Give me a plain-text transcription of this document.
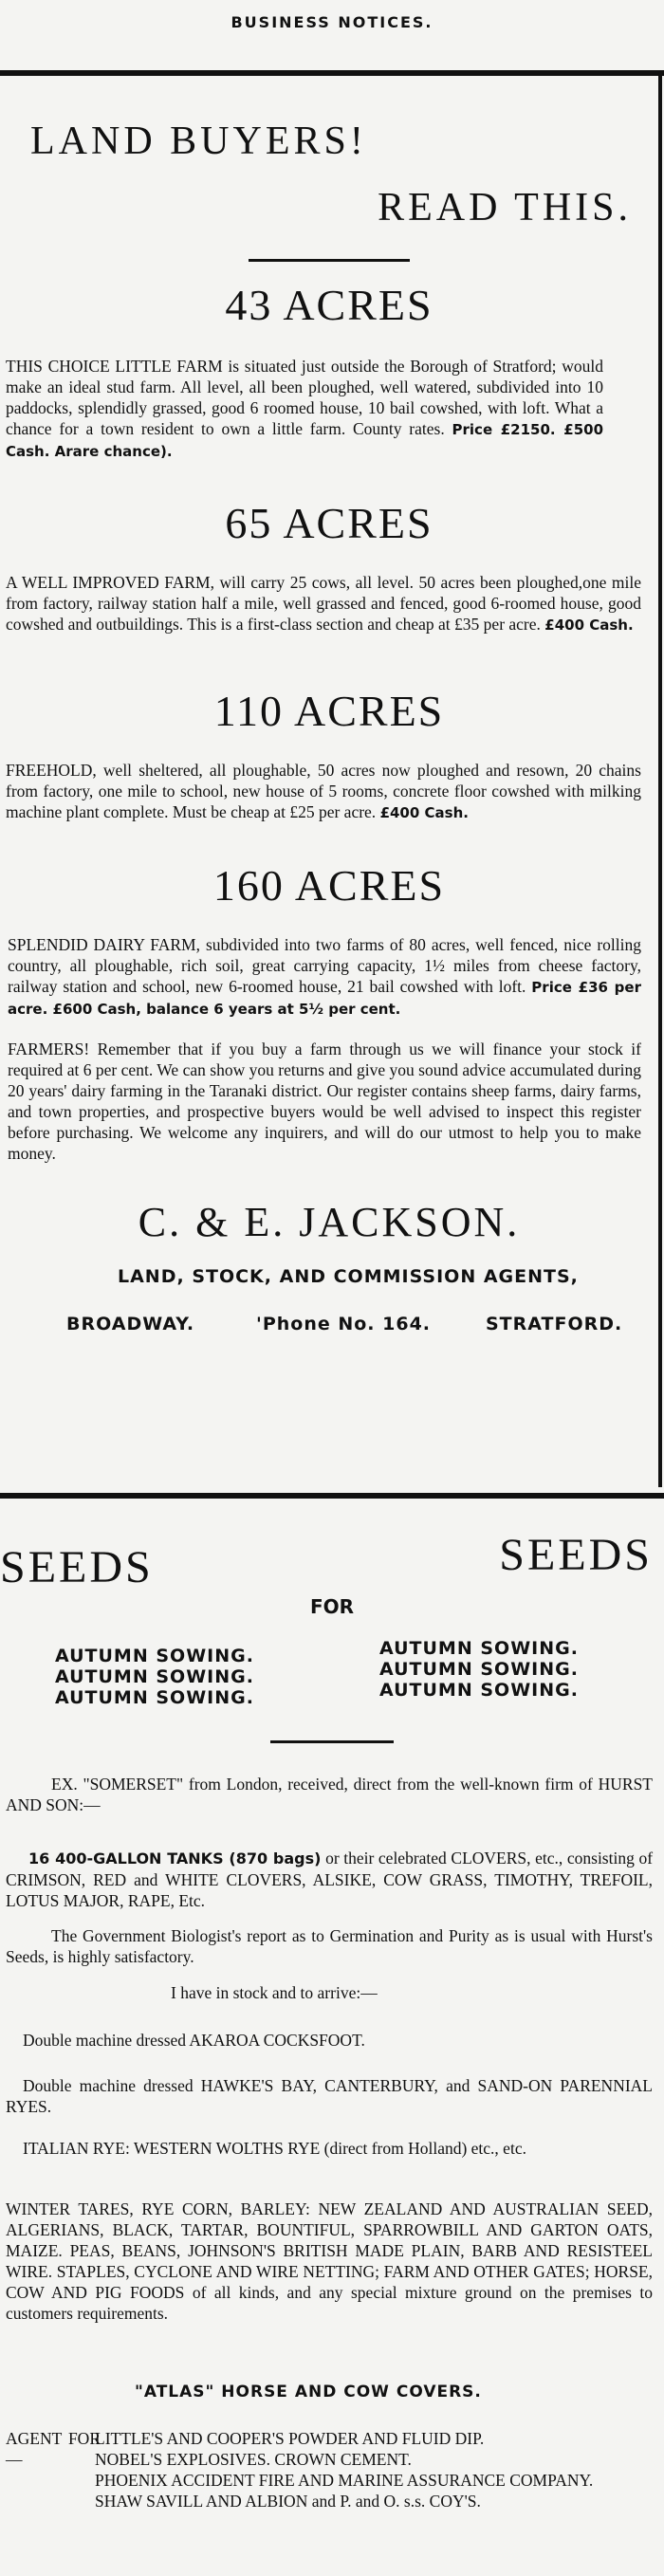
BUSINESS NOTICES.
LAND BUYERS!
READ THIS.
43 ACRES
THIS CHOICE LITTLE FARM is situated just outside the Borough of Stratford; would make an ideal stud farm. All level, all been ploughed, well watered, subdivided into 10 paddocks, splendidly grassed, good 6 roomed house, 10 bail cowshed, with loft. What a chance for a town resident to own a little farm. County rates. Price £2150. £500 Cash. Arare chance).
65 ACRES
A WELL IMPROVED FARM, will carry 25 cows, all level. 50 acres been ploughed,one mile from factory, railway station half a mile, well grassed and fenced, good 6-roomed house, good cowshed and outbuildings. This is a first-class section and cheap at £35 per acre. £400 Cash.
110 ACRES
FREEHOLD, well sheltered, all ploughable, 50 acres now ploughed and resown, 20 chains from factory, one mile to school, new house of 5 rooms, concrete floor cowshed with milking machine plant complete. Must be cheap at £25 per acre. £400 Cash.
160 ACRES
SPLENDID DAIRY FARM, subdivided into two farms of 80 acres, well fenced, nice rolling country, all ploughable, rich soil, great carrying capacity, 1½ miles from cheese factory, railway station and school, new 6-roomed house, 21 bail cowshed with loft. Price £36 per acre. £600 Cash, balance 6 years at 5½ per cent.
FARMERS! Remember that if you buy a farm through us we will finance your stock if required at 6 per cent. We can show you returns and give you sound advice accumulated during 20 years' dairy farming in the Taranaki district. Our register contains sheep farms, dairy farms, and town properties, and prospective buyers would be well advised to inspect this register before purchasing. We welcome any inquirers, and will do our utmost to help you to make money.
C. & E. JACKSON.
LAND, STOCK, AND COMMISSION AGENTS,
BROADWAY.	'Phone No. 164.	STRATFORD.
SEEDS	SEEDS
FOR
AUTUMN SOWING.
AUTUMN SOWING.
AUTUMN SOWING.
AUTUMN SOWING.
AUTUMN SOWING.
AUTUMN SOWING.
EX. "SOMERSET" from London, received, direct from the well-known firm of HURST AND SON:—
16 400-GALLON TANKS (870 bags) or their celebrated CLOVERS, etc., consisting of CRIMSON, RED and WHITE CLOVERS, ALSIKE, COW GRASS, TIMOTHY, TREFOIL, LOTUS MAJOR, RAPE, Etc.
The Government Biologist's report as to Germination and Purity as is usual with Hurst's Seeds, is highly satisfactory.
I have in stock and to arrive:—
Double machine dressed AKAROA COCKSFOOT.
Double machine dressed HAWKE'S BAY, CANTERBURY, and SAND-ON PARENNIAL RYES.
ITALIAN RYE: WESTERN WOLTHS RYE (direct from Holland) etc., etc.
WINTER TARES, RYE CORN, BARLEY: NEW ZEALAND AND AUSTRALIAN SEED, ALGERIANS, BLACK, TARTAR, BOUNTIFUL, SPARROWBILL AND GARTON OATS, MAIZE. PEAS, BEANS, JOHNSON'S BRITISH MADE PLAIN, BARB AND RESISTEEL WIRE. STAPLES, CYCLONE AND WIRE NETTING; FARM AND OTHER GATES; HORSE, COW AND PIG FOODS of all kinds, and any special mixture ground on the premises to customers requirements.
"ATLAS" HORSE AND COW COVERS.
AGENT FOR—
LITTLE'S AND COOPER'S POWDER AND FLUID DIP.
NOBEL'S EXPLOSIVES. CROWN CEMENT.
PHOENIX ACCIDENT FIRE AND MARINE ASSURANCE COMPANY.
SHAW SAVILL AND ALBION and P. and O. s.s. COY'S.
